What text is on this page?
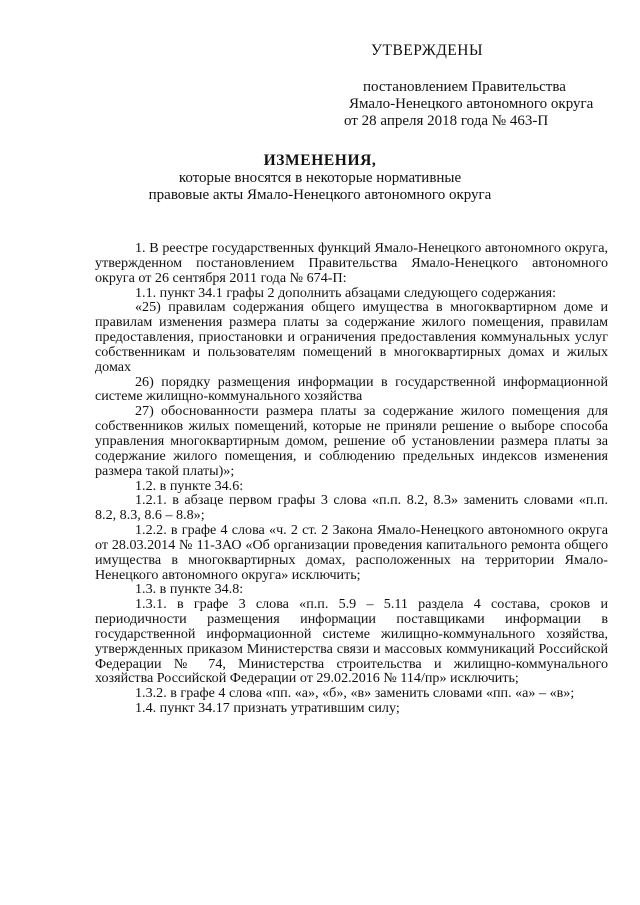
УТВЕРЖДЕНЫ
постановлением Правительства
Ямало-Ненецкого автономного округа
от 28 апреля 2018 года № 463-П
ИЗМЕНЕНИЯ,
которые вносятся в некоторые нормативные
правовые акты Ямало-Ненецкого автономного округа

1. В реестре государственных функций Ямало-Ненецкого автономного округа, утвержденном постановлением Правительства Ямало-Ненецкого автономного округа от 26 сентября 2011 года № 674-П:

1.1. пункт 34.1 графы 2 дополнить абзацами следующего содержания:

«25) правилам содержания общего имущества в многоквартирном доме и правилам изменения размера платы за содержание жилого помещения, правилам предоставления, приостановки и ограничения предоставления коммунальных услуг собственникам и пользователям помещений в многоквартирных домах и жилых домах

26) порядку размещения информации в государственной информационной системе жилищно-коммунального хозяйства

27) обоснованности размера платы за содержание жилого помещения для собственников жилых помещений, которые не приняли решение о выборе способа управления многоквартирным домом, решение об установлении размера платы за содержание жилого помещения, и соблюдению предельных индексов изменения размера такой платы)»;

1.2. в пункте 34.6:

1.2.1. в абзаце первом графы 3 слова «п.п. 8.2, 8.3» заменить словами «п.п. 8.2, 8.3, 8.6 – 8.8»;

1.2.2. в графе 4 слова «ч. 2 ст. 2 Закона Ямало-Ненецкого автономного округа от 28.03.2014 № 11-ЗАО «Об организации проведения капитального ремонта общего имущества в многоквартирных домах, расположенных на территории Ямало-Ненецкого автономного округа» исключить;

1.3. в пункте 34.8:

1.3.1. в графе 3 слова «п.п. 5.9 – 5.11 раздела 4 состава, сроков и периодичности размещения информации поставщиками информации в государственной информационной системе жилищно-коммунального хозяйства, утвержденных приказом Министерства связи и массовых коммуникаций Российской Федерации № 74, Министерства строительства и жилищно-коммунального хозяйства Российской Федерации от 29.02.2016 № 114/пр» исключить;

1.3.2. в графе 4 слова «пп. «а», «б», «в» заменить словами «пп. «а» – «в»;

1.4. пункт 34.17 признать утратившим силу;
